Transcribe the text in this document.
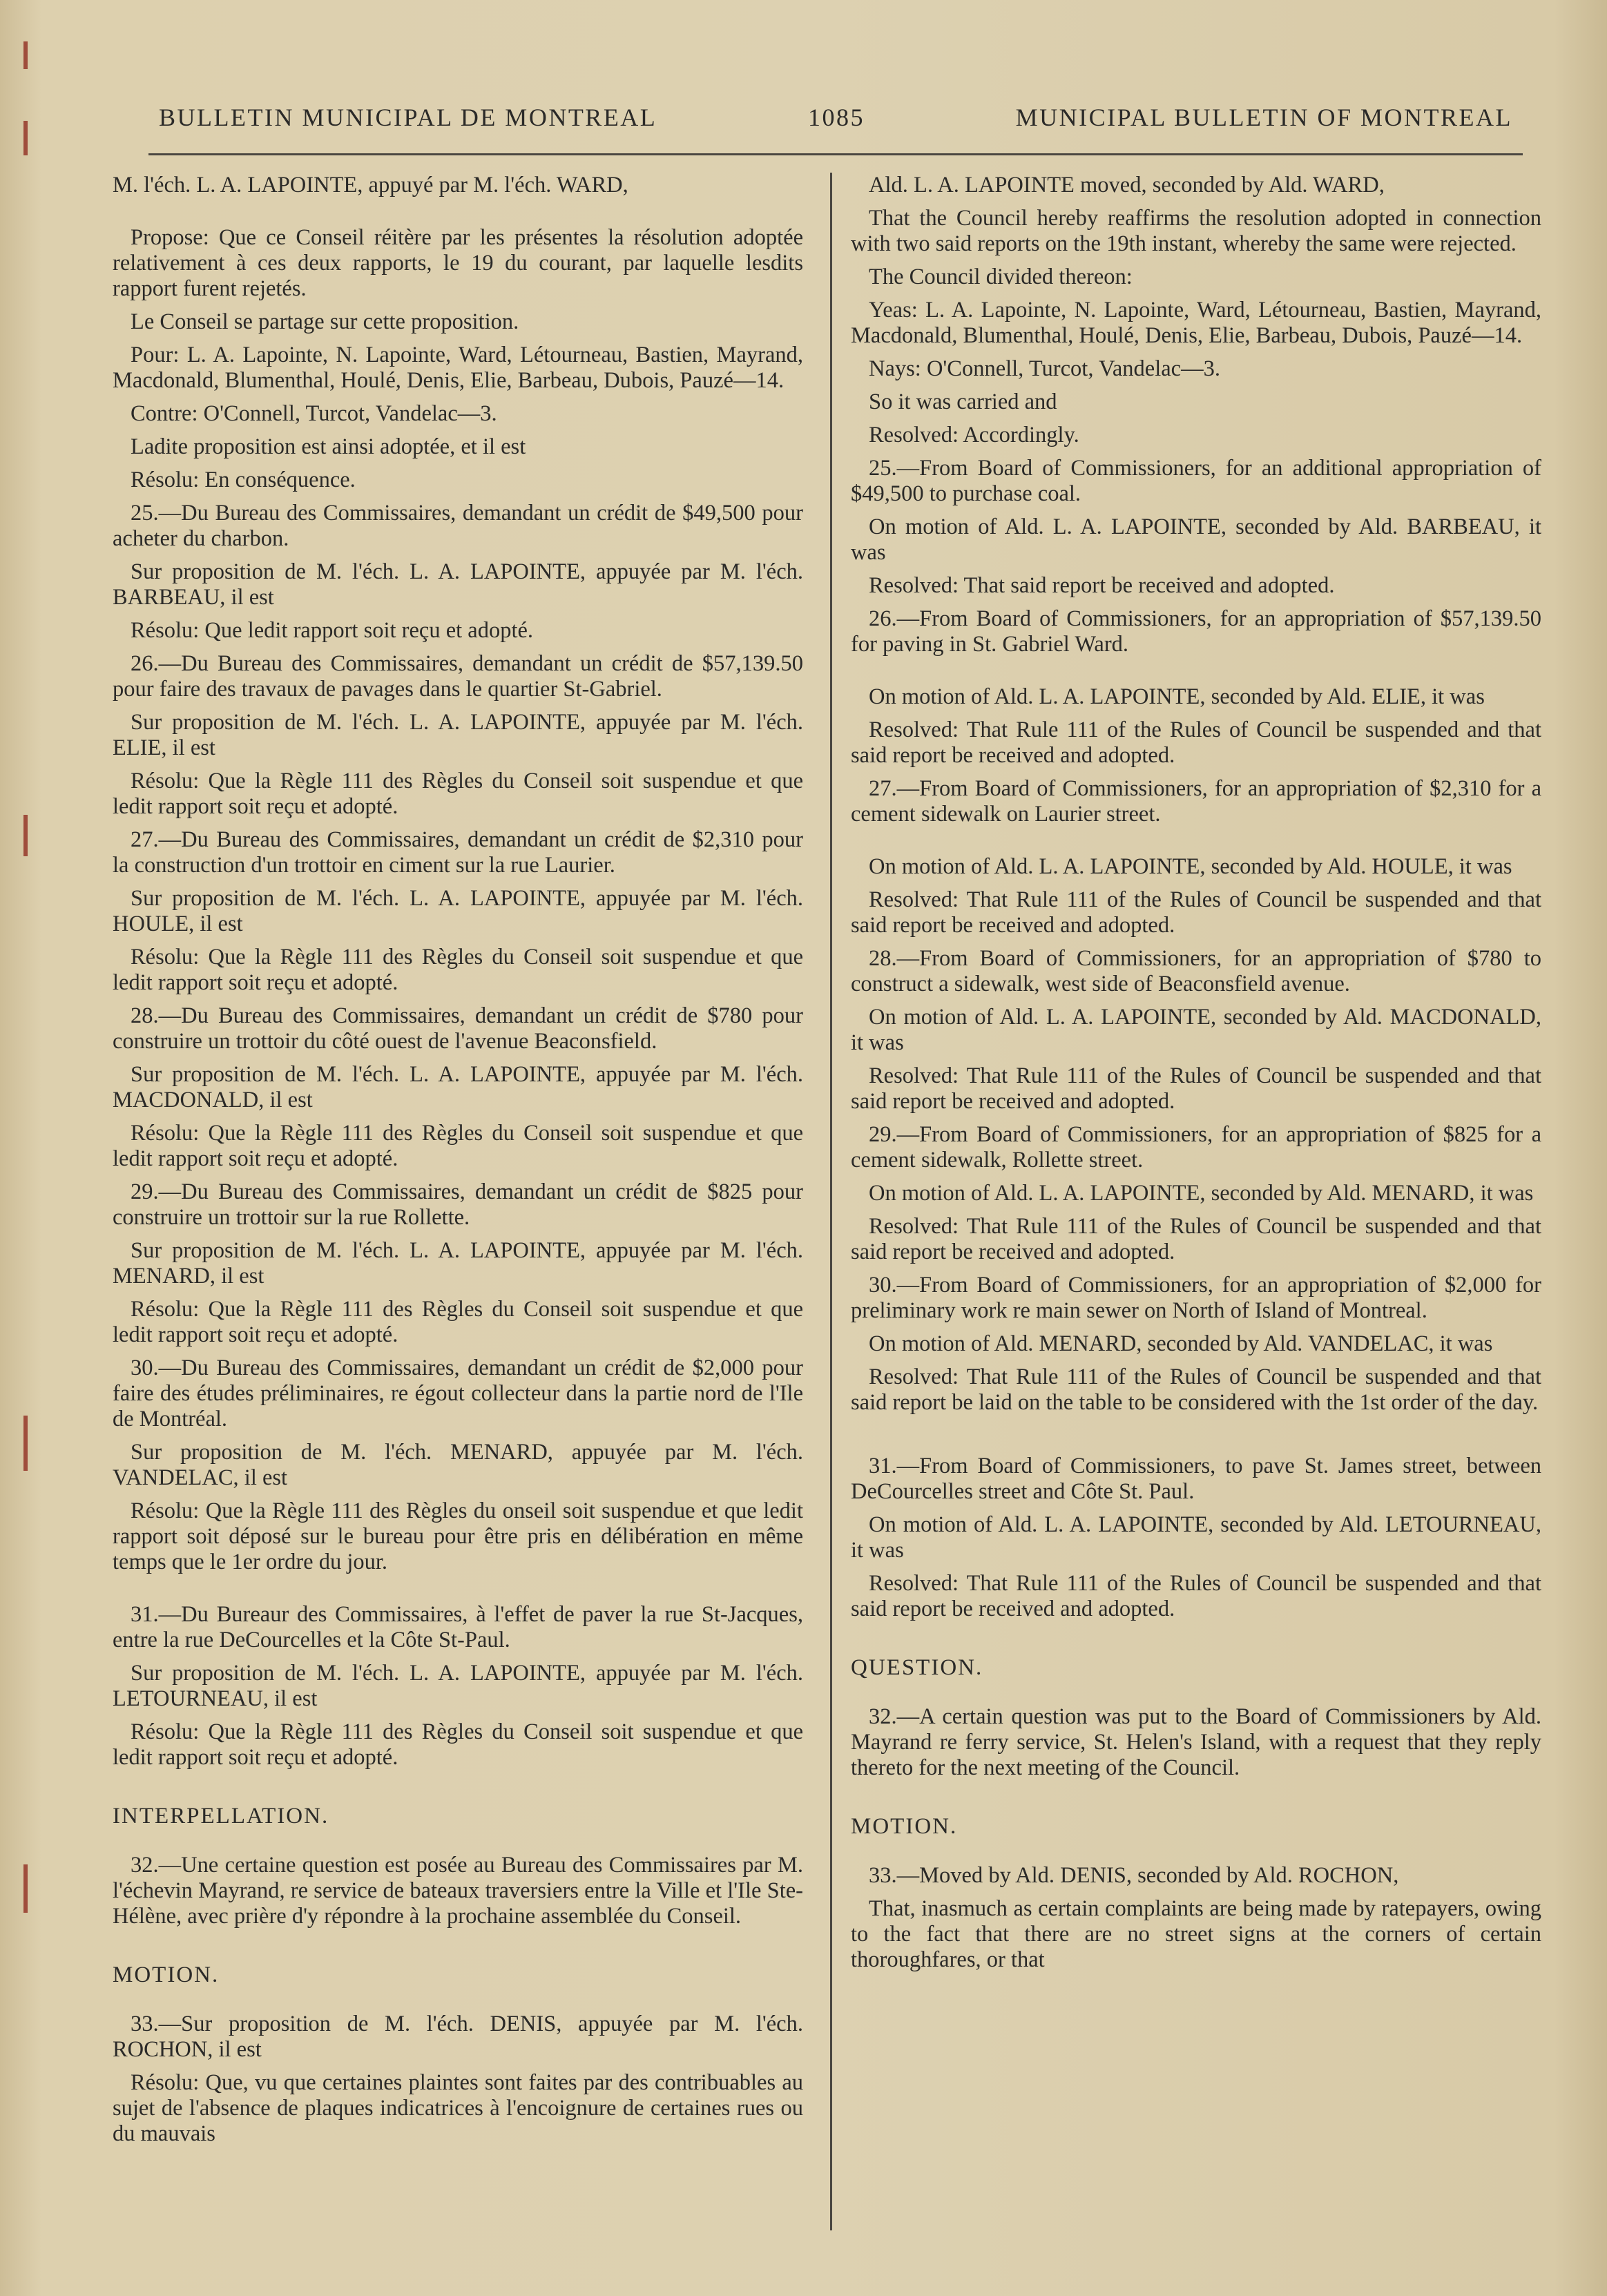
BULLETIN MUNICIPAL DE MONTREAL	1085	MUNICIPAL BULLETIN OF MONTREAL

M. l'éch. L. A. LAPOINTE, appuyé par M. l'éch. WARD,

Propose: Que ce Conseil réitère par les présentes la résolution adoptée relativement à ces deux rapports, le 19 du courant, par laquelle lesdits rapport furent rejetés.

Le Conseil se partage sur cette proposition.

Pour: L. A. Lapointe, N. Lapointe, Ward, Létourneau, Bastien, Mayrand, Macdonald, Blumenthal, Houlé, Denis, Elie, Barbeau, Dubois, Pauzé—14.

Contre: O'Connell, Turcot, Vandelac—3.

Ladite proposition est ainsi adoptée, et il est

Résolu: En conséquence.

25.—Du Bureau des Commissaires, demandant un crédit de $49,500 pour acheter du charbon.

Sur proposition de M. l'éch. L. A. LAPOINTE, appuyée par M. l'éch. BARBEAU, il est

Résolu: Que ledit rapport soit reçu et adopté.

26.—Du Bureau des Commissaires, demandant un crédit de $57,139.50 pour faire des travaux de pavages dans le quartier St-Gabriel.

Sur proposition de M. l'éch. L. A. LAPOINTE, appuyée par M. l'éch. ELIE, il est

Résolu: Que la Règle 111 des Règles du Conseil soit suspendue et que ledit rapport soit reçu et adopté.

27.—Du Bureau des Commissaires, demandant un crédit de $2,310 pour la construction d'un trottoir en ciment sur la rue Laurier.

Sur proposition de M. l'éch. L. A. LAPOINTE, appuyée par M. l'éch. HOULE, il est

Résolu: Que la Règle 111 des Règles du Conseil soit suspendue et que ledit rapport soit reçu et adopté.

28.—Du Bureau des Commissaires, demandant un crédit de $780 pour construire un trottoir du côté ouest de l'avenue Beaconsfield.

Sur proposition de M. l'éch. L. A. LAPOINTE, appuyée par M. l'éch. MACDONALD, il est

Résolu: Que la Règle 111 des Règles du Conseil soit suspendue et que ledit rapport soit reçu et adopté.

29.—Du Bureau des Commissaires, demandant un crédit de $825 pour construire un trottoir sur la rue Rollette.

Sur proposition de M. l'éch. L. A. LAPOINTE, appuyée par M. l'éch. MENARD, il est

Résolu: Que la Règle 111 des Règles du Conseil soit suspendue et que ledit rapport soit reçu et adopté.

30.—Du Bureau des Commissaires, demandant un crédit de $2,000 pour faire des études préliminaires, re égout collecteur dans la partie nord de l'Ile de Montréal.

Sur proposition de M. l'éch. MENARD, appuyée par M. l'éch. VANDELAC, il est

Résolu: Que la Règle 111 des Règles du onseil soit suspendue et que ledit rapport soit déposé sur le bureau pour être pris en délibération en même temps que le 1er ordre du jour.

31.—Du Bureaur des Commissaires, à l'effet de paver la rue St-Jacques, entre la rue DeCourcelles et la Côte St-Paul.

Sur proposition de M. l'éch. L. A. LAPOINTE, appuyée par M. l'éch. LETOURNEAU, il est

Résolu: Que la Règle 111 des Règles du Conseil soit suspendue et que ledit rapport soit reçu et adopté.

INTERPELLATION.

32.—Une certaine question est posée au Bureau des Commissaires par M. l'échevin Mayrand, re service de bateaux traversiers entre la Ville et l'Ile Ste-Hélène, avec prière d'y répondre à la prochaine assemblée du Conseil.

MOTION.

33.—Sur proposition de M. l'éch. DENIS, appuyée par M. l'éch. ROCHON, il est

Résolu: Que, vu que certaines plaintes sont faites par des contribuables au sujet de l'absence de plaques indicatrices à l'encoignure de certaines rues ou du mauvais

Ald. L. A. LAPOINTE moved, seconded by Ald. WARD,

That the Council hereby reaffirms the resolution adopted in connection with two said reports on the 19th instant, whereby the same were rejected.

The Council divided thereon:

Yeas: L. A. Lapointe, N. Lapointe, Ward, Létourneau, Bastien, Mayrand, Macdonald, Blumenthal, Houlé, Denis, Elie, Barbeau, Dubois, Pauzé—14.

Nays: O'Connell, Turcot, Vandelac—3.

So it was carried and

Resolved: Accordingly.

25.—From Board of Commissioners, for an additional appropriation of $49,500 to purchase coal.

On motion of Ald. L. A. LAPOINTE, seconded by Ald. BARBEAU, it was

Resolved: That said report be received and adopted.

26.—From Board of Commissioners, for an appropriation of $57,139.50 for paving in St. Gabriel Ward.

On motion of Ald. L. A. LAPOINTE, seconded by Ald. ELIE, it was

Resolved: That Rule 111 of the Rules of Council be suspended and that said report be received and adopted.

27.—From Board of Commissioners, for an appropriation of $2,310 for a cement sidewalk on Laurier street.

On motion of Ald. L. A. LAPOINTE, seconded by Ald. HOULE, it was

Resolved: That Rule 111 of the Rules of Council be suspended and that said report be received and adopted.

28.—From Board of Commissioners, for an appropriation of $780 to construct a sidewalk, west side of Beaconsfield avenue.

On motion of Ald. L. A. LAPOINTE, seconded by Ald. MACDONALD, it was

Resolved: That Rule 111 of the Rules of Council be suspended and that said report be received and adopted.

29.—From Board of Commissioners, for an appropriation of $825 for a cement sidewalk, Rollette street.

On motion of Ald. L. A. LAPOINTE, seconded by Ald. MENARD, it was

Resolved: That Rule 111 of the Rules of Council be suspended and that said report be received and adopted.

30.—From Board of Commissioners, for an appropriation of $2,000 for preliminary work re main sewer on North of Island of Montreal.

On motion of Ald. MENARD, seconded by Ald. VANDELAC, it was

Resolved: That Rule 111 of the Rules of Council be suspended and that said report be laid on the table to be considered with the 1st order of the day.

31.—From Board of Commissioners, to pave St. James street, between DeCourcelles street and Côte St. Paul.

On motion of Ald. L. A. LAPOINTE, seconded by Ald. LETOURNEAU, it was

Resolved: That Rule 111 of the Rules of Council be suspended and that said report be received and adopted.

QUESTION.

32.—A certain question was put to the Board of Commissioners by Ald. Mayrand re ferry service, St. Helen's Island, with a request that they reply thereto for the next meeting of the Council.

MOTION.

33.—Moved by Ald. DENIS, seconded by Ald. ROCHON,

That, inasmuch as certain complaints are being made by ratepayers, owing to the fact that there are no street signs at the corners of certain thoroughfares, or that
